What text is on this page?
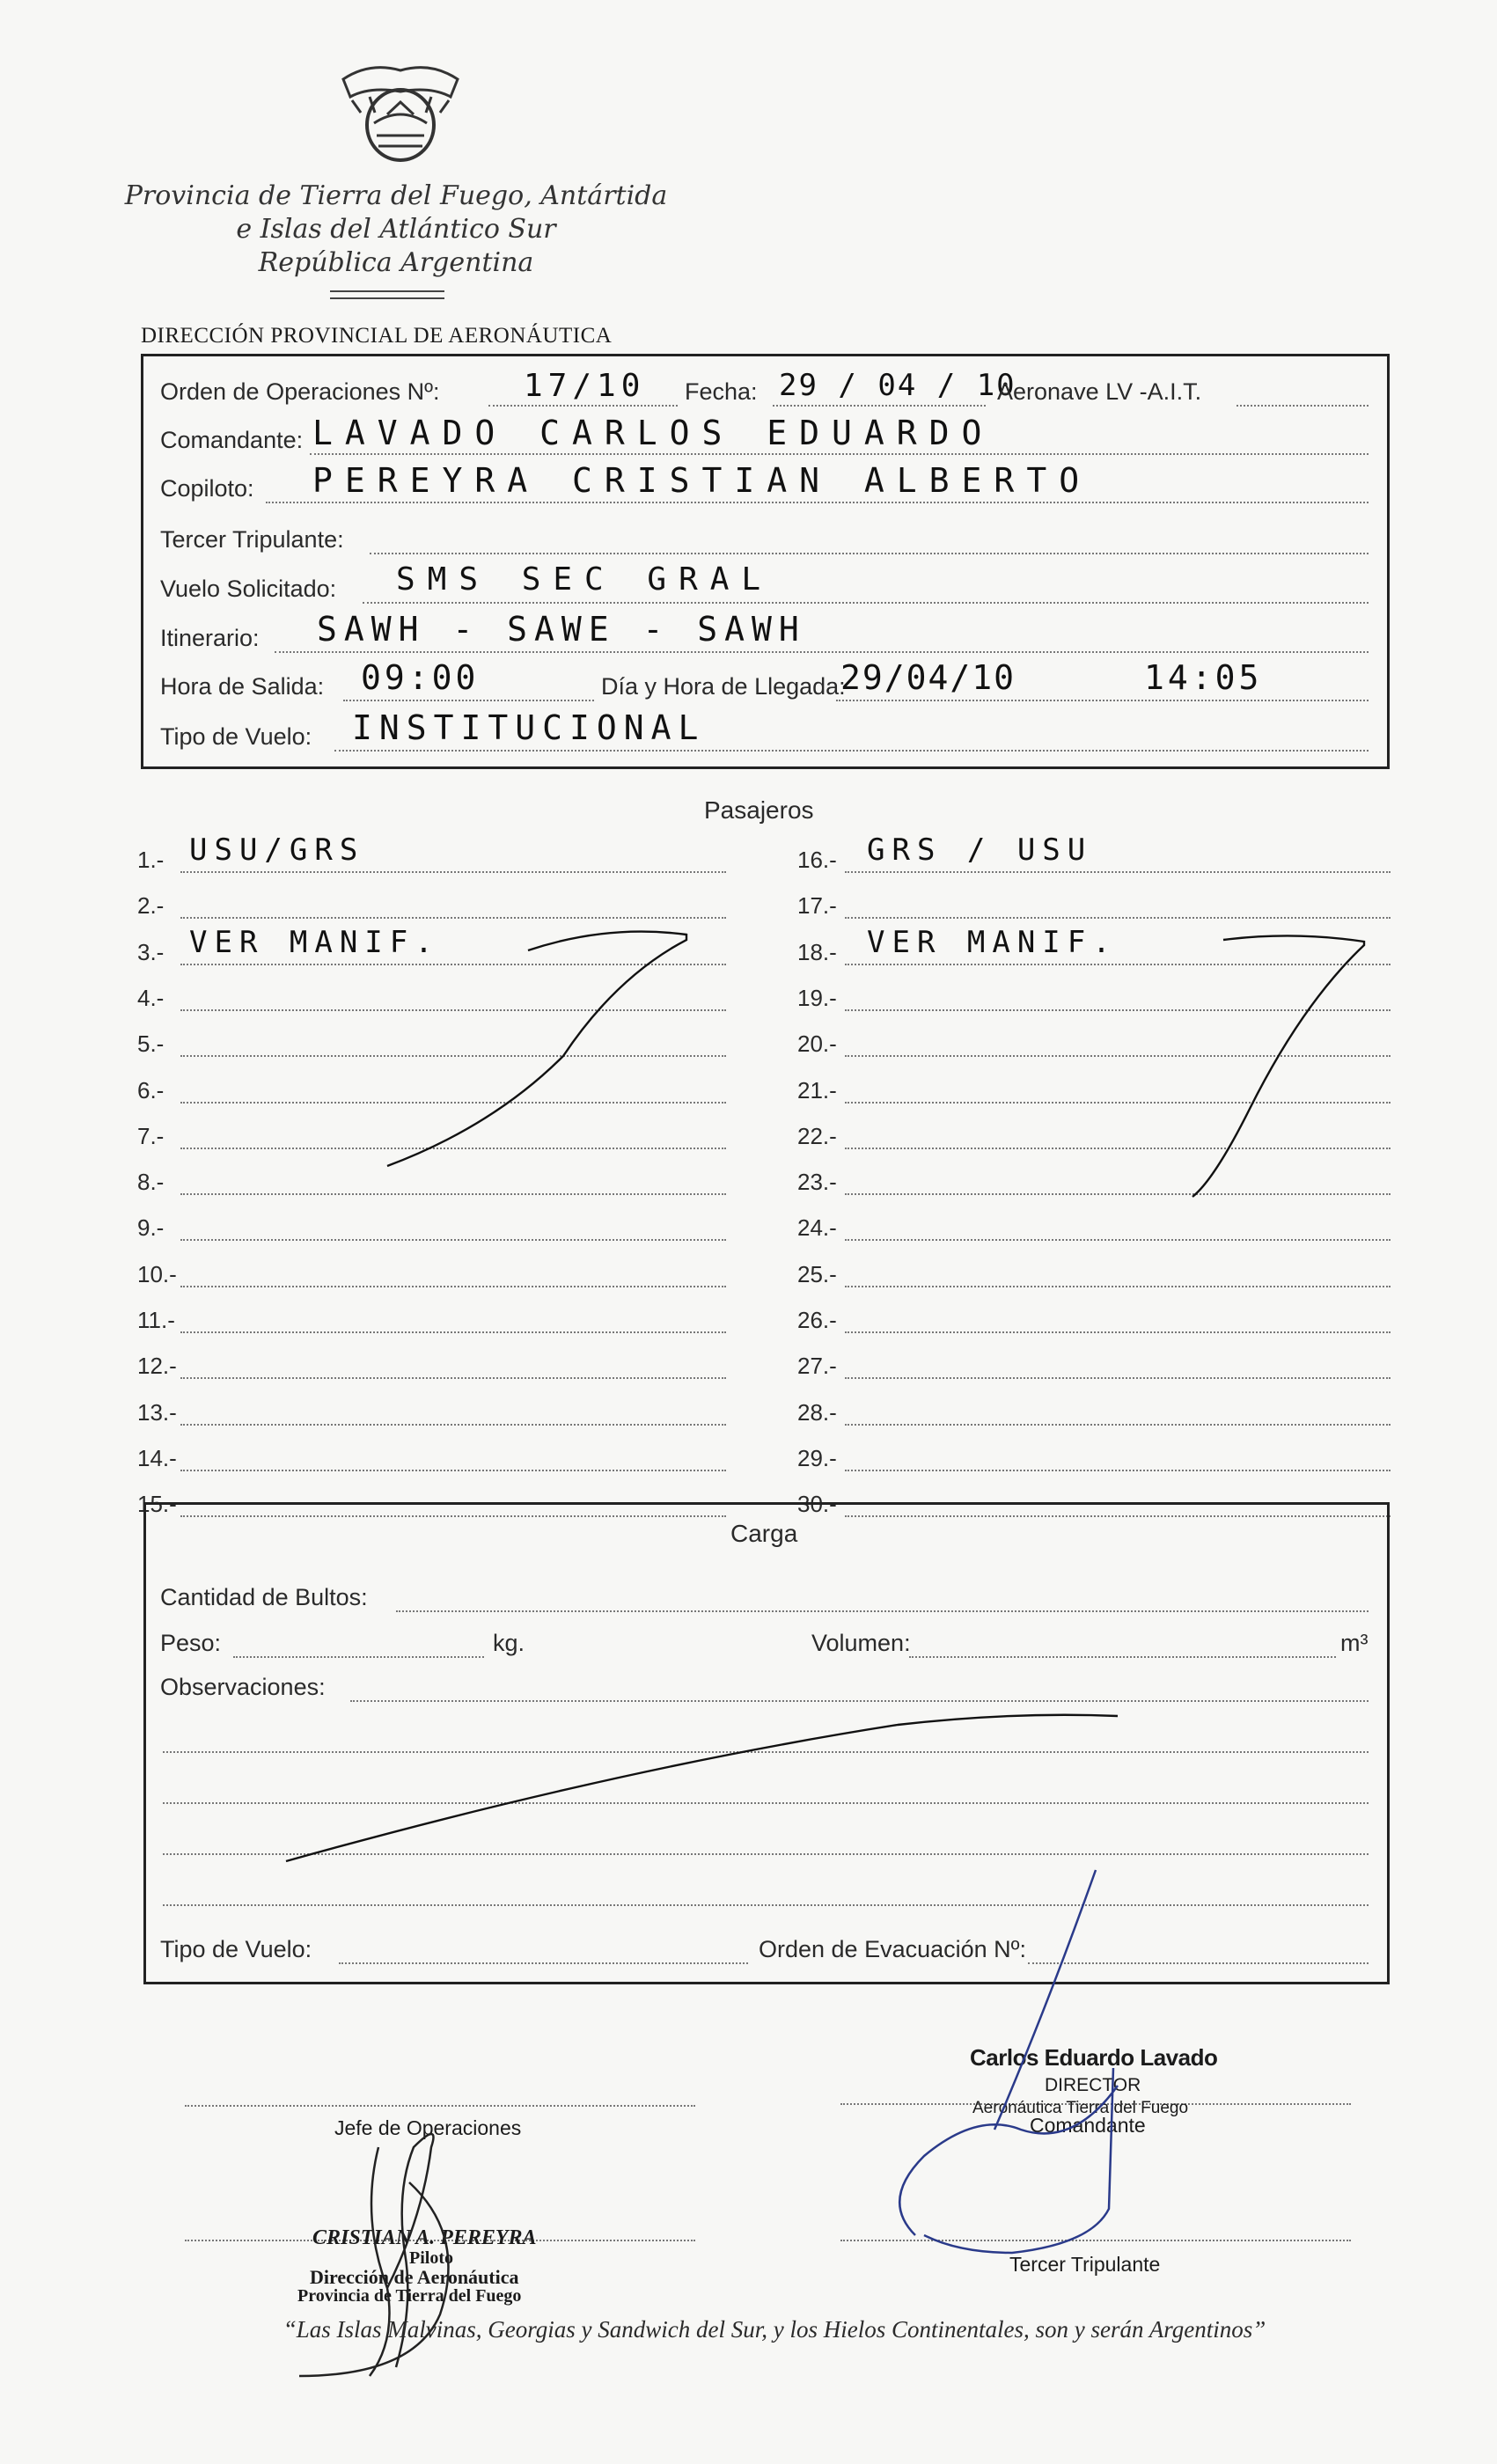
Provincia de Tierra del Fuego, Antártida
e Islas del Atlántico Sur
República Argentina
DIRECCIÓN PROVINCIAL DE AERONÁUTICA
Orden de Operaciones Nº:	17/10 Fecha: 29 / 04 / 10
Aeronave LV -A.I.T.
Comandante: LAVADO CARLOS EDUARDO
Copiloto: PEREYRA CRISTIAN ALBERTO
Tercer Tripulante:
Vuelo Solicitado: SMS SEC GRAL
Itinerario: SAWH - SAWE - SAWH
Hora de Salida: 09:00	Día y Hora de Llegada:
29/04/10	14:05
Tipo de Vuelo: INSTITUCIONAL
Pasajeros
1.- USU/GRS
2.-
3.- VER MANIF.
4.-
5.-
6.-
7.-
8.-
9.-
10.-
11.-
12.-
13.-
14.-
15.-
16.- GRS / USU
17.-
18.- VER MANIF.
19.-
20.-
21.-
22.-
23.-
24.-
25.-
26.-
27.-
28.-
29.-
30.-
Carga
Cantidad de Bultos:
Peso:	kg.	Volumen:	m³
Observaciones:
Tipo de Vuelo:	Orden de Evacuación Nº:
Jefe de Operaciones
Carlos Eduardo Lavado
DIRECTOR
Aeronáutica Tierra del Fuego
Comandante
Tercer Tripulante
CRISTIAN A. PEREYRA
Piloto
Dirección de Aeronáutica
Provincia de Tierra del Fuego
“Las Islas Malvinas, Georgias y Sandwich del Sur, y los Hielos Continentales, son y serán Argentinos”
